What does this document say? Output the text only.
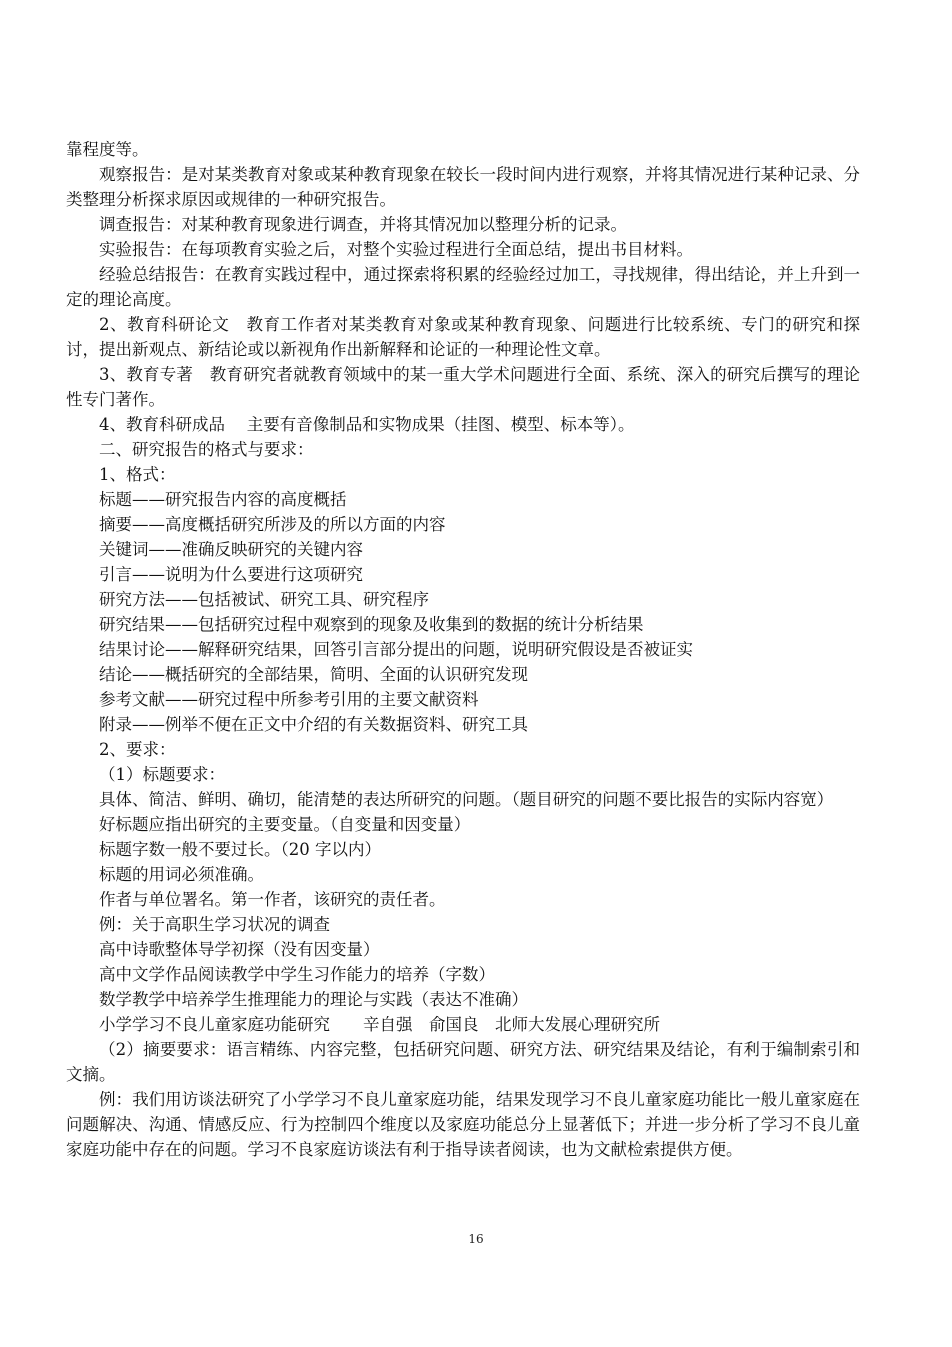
靠程度等。

观察报告：是对某类教育对象或某种教育现象在较长一段时间内进行观察，并将其情况进行某种记录、分类整理分析探求原因或规律的一种研究报告。

调查报告：对某种教育现象进行调查，并将其情况加以整理分析的记录。

实验报告：在每项教育实验之后，对整个实验过程进行全面总结，提出书目材料。

经验总结报告：在教育实践过程中，通过探索将积累的经验经过加工，寻找规律，得出结论，并上升到一定的理论高度。

2、教育科研论文　教育工作者对某类教育对象或某种教育现象、问题进行比较系统、专门的研究和探讨，提出新观点、新结论或以新视角作出新解释和论证的一种理论性文章。

3、教育专著　教育研究者就教育领域中的某一重大学术问题进行全面、系统、深入的研究后撰写的理论性专门著作。

4、教育科研成品　 主要有音像制品和实物成果（挂图、模型、标本等）。

二、研究报告的格式与要求：

1、格式：

标题——研究报告内容的高度概括

摘要——高度概括研究所涉及的所以方面的内容

关键词——准确反映研究的关键内容

引言——说明为什么要进行这项研究

研究方法——包括被试、研究工具、研究程序

研究结果——包括研究过程中观察到的现象及收集到的数据的统计分析结果

结果讨论——解释研究结果，回答引言部分提出的问题，说明研究假设是否被证实

结论——概括研究的全部结果，简明、全面的认识研究发现

参考文献——研究过程中所参考引用的主要文献资料

附录——例举不便在正文中介绍的有关数据资料、研究工具

2、要求：

（1）标题要求：

具体、简洁、鲜明、确切，能清楚的表达所研究的问题。（题目研究的问题不要比报告的实际内容宽）

好标题应指出研究的主要变量。（自变量和因变量）

标题字数一般不要过长。（20 字以内）

标题的用词必须准确。

作者与单位署名。第一作者，该研究的责任者。

例：关于高职生学习状况的调查

高中诗歌整体导学初探（没有因变量）

高中文学作品阅读教学中学生习作能力的培养（字数）

数学教学中培养学生推理能力的理论与实践（表达不准确）

小学学习不良儿童家庭功能研究　　辛自强　俞国良　北师大发展心理研究所

（2）摘要要求：语言精练、内容完整，包括研究问题、研究方法、研究结果及结论，有利于编制索引和文摘。

例：我们用访谈法研究了小学学习不良儿童家庭功能，结果发现学习不良儿童家庭功能比一般儿童家庭在问题解决、沟通、情感反应、行为控制四个维度以及家庭功能总分上显著低下；并进一步分析了学习不良儿童家庭功能中存在的问题。学习不良家庭访谈法有利于指导读者阅读，也为文献检索提供方便。

16
